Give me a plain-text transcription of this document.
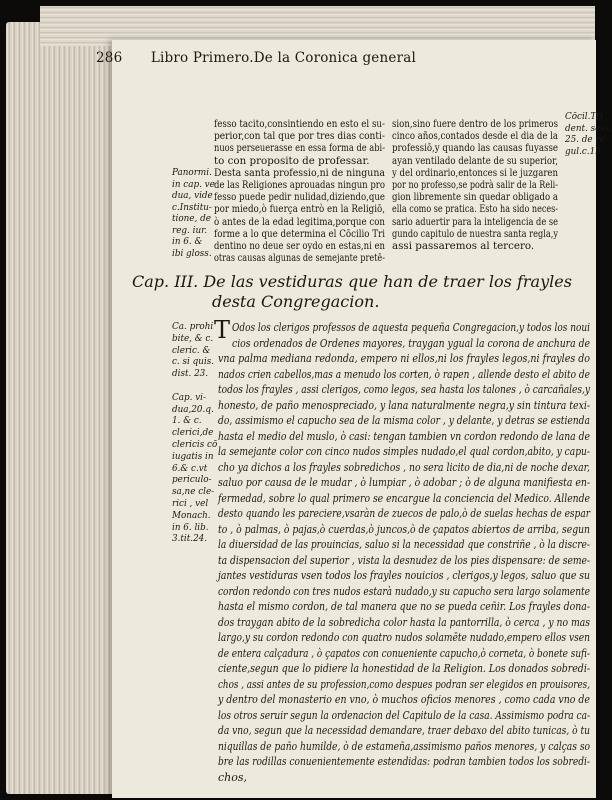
286 Libro Primero.De la Coronica general
fesso tacito,consintiendo en esto el su-
perior,con tal que por tres dias conti-
nuos perseuerasse en essa forma de abi-
to con proposito de professar.
Desta santa professio,ni de ninguna
de las Religiones aprouadas ningun pro
fesso puede pedir nulidad,diziendo,que
por miedo,ò fuerça entrò en la Religiō,
ò antes de la edad legitima,porque con
forme a lo que determina el Cōcilio Tri
dentino no deue ser oydo en estas,ni en
otras causas algunas de semejante pretē-
sion,sino fuere dentro de los primeros
cinco años,contados desde el dia de la
professiō,y quando las causas fuyasse
ayan ventilado delante de su superior,
y del ordinario,entonces si le juzgaren
por no professo,se podrà salir de la Reli-
gion libremente sin quedar obligado a
ella como se pratica. Esto ha sido neces-
sario aduertir para la inteligencia de se
gundo capitulo de nuestra santa regla,y
assi passaremos al tercero.
Panormi.
in cap. ve
dua, vide
c.Institu-
tione, de
reg. iur.
in 6. &
ibi gloss.
Cōcil.Tri
dent. sess.
25. de re-
gul.c.19.
Cap. III. De las vestiduras que han de traer los frayles
desta Congregacion.
T Odos los clerigos professos de aquesta pequeña Congregacion,y todos los noui
cios ordenados de Ordenes mayores, traygan ygual la corona de anchura de
vna palma mediana redonda, empero ni ellos,ni los frayles legos,ni frayles do
nados crien cabellos,mas a menudo los corten, ò rapen , allende desto el abito de
todos los frayles , assi clerigos, como legos, sea hasta los talones , ò carcañales,y
honesto, de paño menospreciado, y lana naturalmente negra,y sin tintura texi-
do, assimismo el capucho sea de la misma color , y delante, y detras se estienda
hasta el medio del muslo, ò casi: tengan tambien vn cordon redondo de lana de
la semejante color con cinco nudos simples nudado,el qual cordon,abito, y capu-
cho ya dichos a los frayles sobredichos , no sera licito de dia,ni de noche dexar,
saluo por causa de le mudar , ò lumpiar , ò adobar ; ò de alguna manifiesta en-
fermedad, sobre lo qual primero se encargue la conciencia del Medico. Allende
desto quando les pareciere,vsaràn de zuecos de palo,ò de suelas hechas de espar
to , ò palmas, ò pajas,ò cuerdas,ò juncos,ò de çapatos abiertos de arriba, segun
la diuersidad de las prouincias, saluo si la necessidad que constriñe , ò la discre-
ta dispensacion del superior , vista la desnudez de los pies dispensare: de seme-
jantes vestiduras vsen todos los frayles nouicios , clerigos,y legos, saluo que su
cordon redondo con tres nudos estarà nudado,y su capucho sera largo solamente
hasta el mismo cordon, de tal manera que no se pueda ceñir. Los frayles dona-
dos traygan abito de la sobredicha color hasta la pantorrilla, ò cerca , y no mas
largo,y su cordon redondo con quatro nudos solamēte nudado,empero ellos vsen
de entera calçadura , ò çapatos con conueniente capucho,ò corneta, ò bonete sufi-
ciente,segun que lo pidiere la honestidad de la Religion. Los donados sobredi-
chos , assi antes de su profession,como despues podran ser elegidos en prouisores,
y dentro del monasterio en vno, ò muchos oficios menores , como cada vno de
los otros seruir segun la ordenacion del Capitulo de la casa. Assimismo podra ca-
da vno, segun que la necessidad demandare, traer debaxo del abito tunicas, ò tu
niquillas de paño humilde, ò de estameña,assimismo paños menores, y calças so
bre las rodillas conuenientemente estendidas: podran tambien todos los sobredi-
chos,
Ca. prohi
bite, & c.
cleric. &
c. si quis.
dist. 23.
Cap. vi-
dua,20.q.
1. & c.
clerici,de
clericis cō
iugatis in
6.& c.vt
periculo-
sa,ne cle-
rici , vel
Monach.
in 6. lib.
3.tit.24.
